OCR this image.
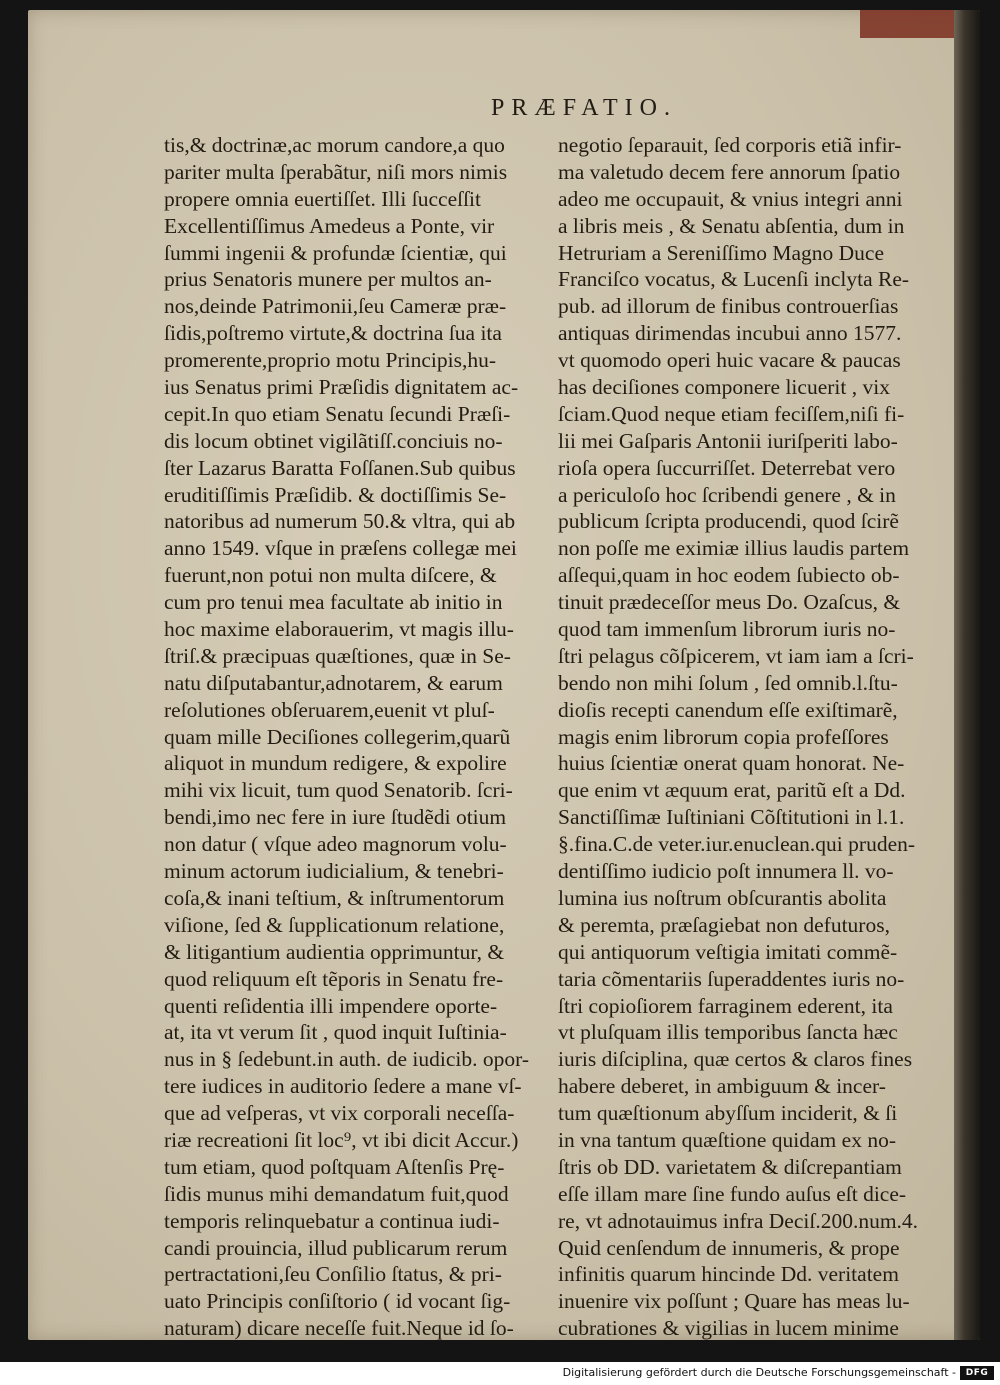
PRÆFATIO.
tis,& doctrinæ,ac morum candore,a quo
pariter multa ſperabãtur, niſi mors nimis
propere omnia euertiſſet. Illi ſucceſſit
Excellentiſſimus Amedeus a Ponte, vir
ſummi ingenii & profundæ ſcientiæ, qui
prius Senatoris munere per multos an-
nos,deinde Patrimonii,ſeu Cameræ præ-
ſidis,poſtremo virtute,& doctrina ſua ita
promerente,proprio motu Principis,hu-
ius Senatus primi Præſidis dignitatem ac-
cepit.In quo etiam Senatu ſecundi Præſi-
dis locum obtinet vigilãtiſſ.conciuis no-
ſter Lazarus Baratta Foſſanen.Sub quibus
eruditiſſimis Præſidib. & doctiſſimis Se-
natoribus ad numerum 50.& vltra, qui ab
anno 1549. vſque in præſens collegæ mei
fuerunt,non potui non multa diſcere, &
cum pro tenui mea facultate ab initio in
hoc maxime elaborauerim, vt magis illu-
ſtriſ.& præcipuas quæſtiones, quæ in Se-
natu diſputabantur,adnotarem, & earum
reſolutiones obſeruarem,euenit vt pluſ-
quam mille Deciſiones collegerim,quarũ
aliquot in mundum redigere, & expolire
mihi vix licuit, tum quod Senatorib. ſcri-
bendi,imo nec fere in iure ſtudẽdi otium
non datur ( vſque adeo magnorum volu-
minum actorum iudicialium, & tenebri-
coſa,& inani teſtium, & inſtrumentorum
viſione, ſed & ſupplicationum relatione,
& litigantium audientia opprimuntur, &
quod reliquum eſt tẽporis in Senatu fre-
quenti reſidentia illi impendere oporte-
at, ita vt verum ſit , quod inquit Iuſtinia-
nus in § ſedebunt.in auth. de iudicib. opor-
tere iudices in auditorio ſedere a mane vſ-
que ad veſperas, vt vix corporali neceſſa-
riæ recreationi ſit loc⁹, vt ibi dicit Accur.)
tum etiam, quod poſtquam Aſtenſis Prę-
ſidis munus mihi demandatum fuit,quod
temporis relinquebatur a continua iudi-
candi prouincia, illud publicarum rerum
pertractationi,ſeu Conſilio ſtatus, & pri-
uato Principis conſiſtorio ( id vocant ſig-
naturam) dicare neceſſe fuit.Neque id ſo-
negotio ſeparauit, ſed corporis etiã infir-
ma valetudo decem fere annorum ſpatio
adeo me occupauit, & vnius integri anni
a libris meis , & Senatu abſentia, dum in
Hetruriam a Sereniſſimo Magno Duce
Franciſco vocatus, & Lucenſi inclyta Re-
pub. ad illorum de finibus controuerſias
antiquas dirimendas incubui anno 1577.
vt quomodo operi huic vacare & paucas
has deciſiones componere licuerit , vix
ſciam.Quod neque etiam feciſſem,niſi fi-
lii mei Gaſparis Antonii iuriſperiti labo-
rioſa opera ſuccurriſſet. Deterrebat vero
a periculoſo hoc ſcribendi genere , & in
publicum ſcripta producendi, quod ſcirẽ
non poſſe me eximiæ illius laudis partem
aſſequi,quam in hoc eodem ſubiecto ob-
tinuit prædeceſſor meus Do. Ozaſcus, &
quod tam immenſum librorum iuris no-
ſtri pelagus cõſpicerem, vt iam iam a ſcri-
bendo non mihi ſolum , ſed omnib.l.ſtu-
dioſis recepti canendum eſſe exiſtimarẽ,
magis enim librorum copia profeſſores
huius ſcientiæ onerat quam honorat. Ne-
que enim vt æquum erat, paritũ eſt a Dd.
Sanctiſſimæ Iuſtiniani Cõſtitutioni in l.1.
§.fina.C.de veter.iur.enuclean.qui pruden-
dentiſſimo iudicio poſt innumera ll. vo-
lumina ius noſtrum obſcurantis abolita
& peremta, præſagiebat non defuturos,
qui antiquorum veſtigia imitati commẽ-
taria cõmentariis ſuperaddentes iuris no-
ſtri copioſiorem farraginem ederent, ita
vt pluſquam illis temporibus ſancta hæc
iuris diſciplina, quæ certos & claros fines
habere deberet, in ambiguum & incer-
tum quæſtionum abyſſum inciderit, & ſi
in vna tantum quæſtione quidam ex no-
ſtris ob DD. varietatem & diſcrepantiam
eſſe illam mare ſine fundo auſus eſt dice-
re, vt adnotauimus infra Deciſ.200.num.4.
Quid cenſendum de innumeris, & prope
infinitis quarum hincinde Dd. veritatem
inuenire vix poſſunt ; Quare has meas lu-
cubrationes & vigilias in lucem minime
Digitalisierung gefördert durch die Deutsche Forschungsgemeinschaft -	DFG
